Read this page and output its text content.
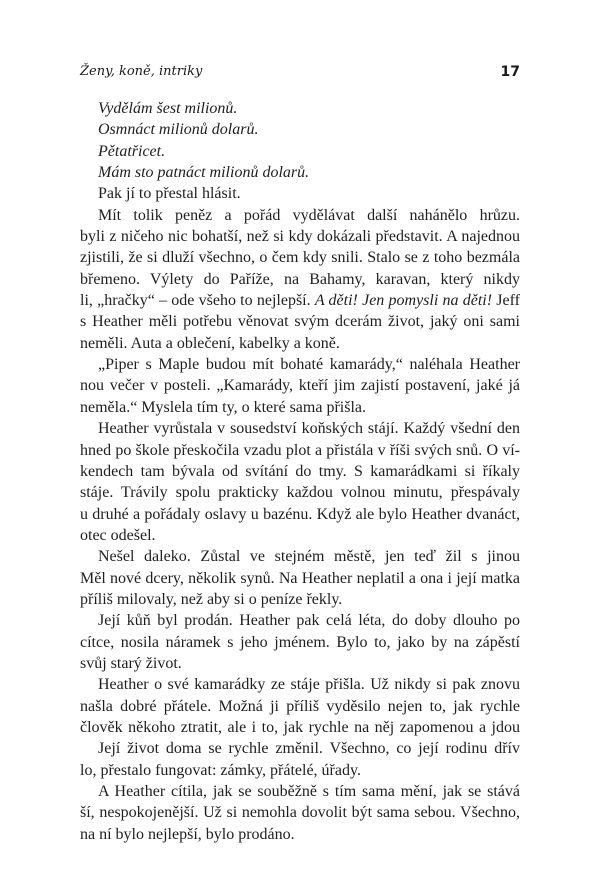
Ženy, koně, intriky	17
Vydělám šest milionů.
Osmnáct milionů dolarů.
Pětatřicet.
Mám sto patnáct milionů dolarů.
Pak jí to přestal hlásit.
Mít tolik peněz a pořád vydělávat další nahánělo hrůzu.
byli z ničeho nic bohatší, než si kdy dokázali představit. A najednou
zjistili, že si dluží všechno, o čem kdy snili. Stalo se z toho bezmála
břemeno. Výlety do Paříže, na Bahamy, karavan, který nikdy
li, „hračky“ – ode všeho to nejlepší. A děti! Jen pomysli na děti! Jeff
s Heather měli potřebu věnovat svým dcerám život, jaký oni sami
neměli. Auta a oblečení, kabelky a koně.
„Piper s Maple budou mít bohaté kamarády,“ naléhala Heather
nou večer v posteli. „Kamarády, kteří jim zajistí postavení, jaké já
neměla.“ Myslela tím ty, o které sama přišla.
Heather vyrůstala v sousedství koňských stájí. Každý všední den
hned po škole přeskočila vzadu plot a přistála v říši svých snů. O ví-
kendech tam bývala od svítání do tmy. S kamarádkami si říkaly
stáje. Trávily spolu prakticky každou volnou minutu, přespávaly
u druhé a pořádaly oslavy u bazénu. Když ale bylo Heather dvanáct,
otec odešel.
Nešel daleko. Zůstal ve stejném městě, jen teď žil s jinou
Měl nové dcery, několik synů. Na Heather neplatil a ona i její matka
příliš milovaly, než aby si o peníze řekly.
Její kůň byl prodán. Heather pak celá léta, do doby dlouho po
cítce, nosila náramek s jeho jménem. Bylo to, jako by na zápěstí
svůj starý život.
Heather o své kamarádky ze stáje přišla. Už nikdy si pak znovu
našla dobré přátele. Možná ji příliš vyděsilo nejen to, jak rychle
člověk někoho ztratit, ale i to, jak rychle na něj zapomenou a jdou
Její život doma se rychle změnil. Všechno, co její rodinu dřív
lo, přestalo fungovat: zámky, přátelé, úřady.
A Heather cítila, jak se souběžně s tím sama mění, jak se stává
ší, nespokojenější. Už si nemohla dovolit být sama sebou. Všechno,
na ní bylo nejlepší, bylo prodáno.
